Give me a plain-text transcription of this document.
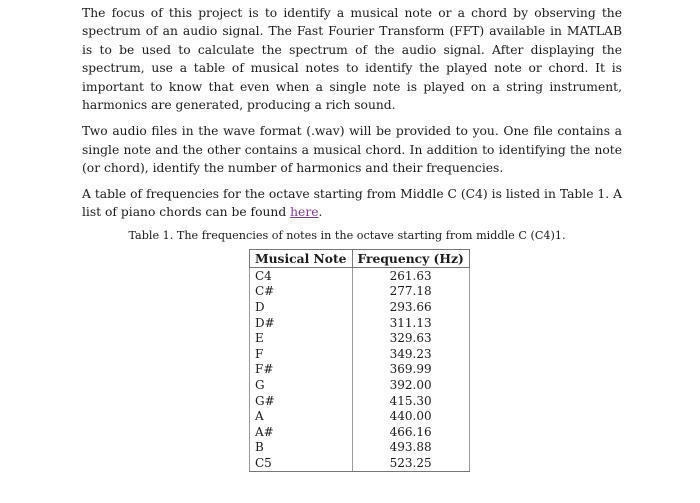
The focus of this project is to identify a musical note or a chord by observing the spectrum of an audio signal. The Fast Fourier Transform (FFT) available in MATLAB is to be used to calculate the spectrum of the audio signal. After displaying the spectrum, use a table of musical notes to identify the played note or chord. It is important to know that even when a single note is played on a string instrument, harmonics are generated, producing a rich sound.

Two audio files in the wave format (.wav) will be provided to you. One file contains a single note and the other contains a musical chord. In addition to identifying the note (or chord), identify the number of harmonics and their frequencies.

A table of frequencies for the octave starting from Middle C (C4) is listed in Table 1. A list of piano chords can be found here.

Table 1. The frequencies of notes in the octave starting from middle C (C4)1.
Musical Note	Frequency (Hz)
C4	261.63
C#	277.18
D	293.66
D#	311.13
E	329.63
F	349.23
F#	369.99
G	392.00
G#	415.30
A	440.00
A#	466.16
B	493.88
C5	523.25
